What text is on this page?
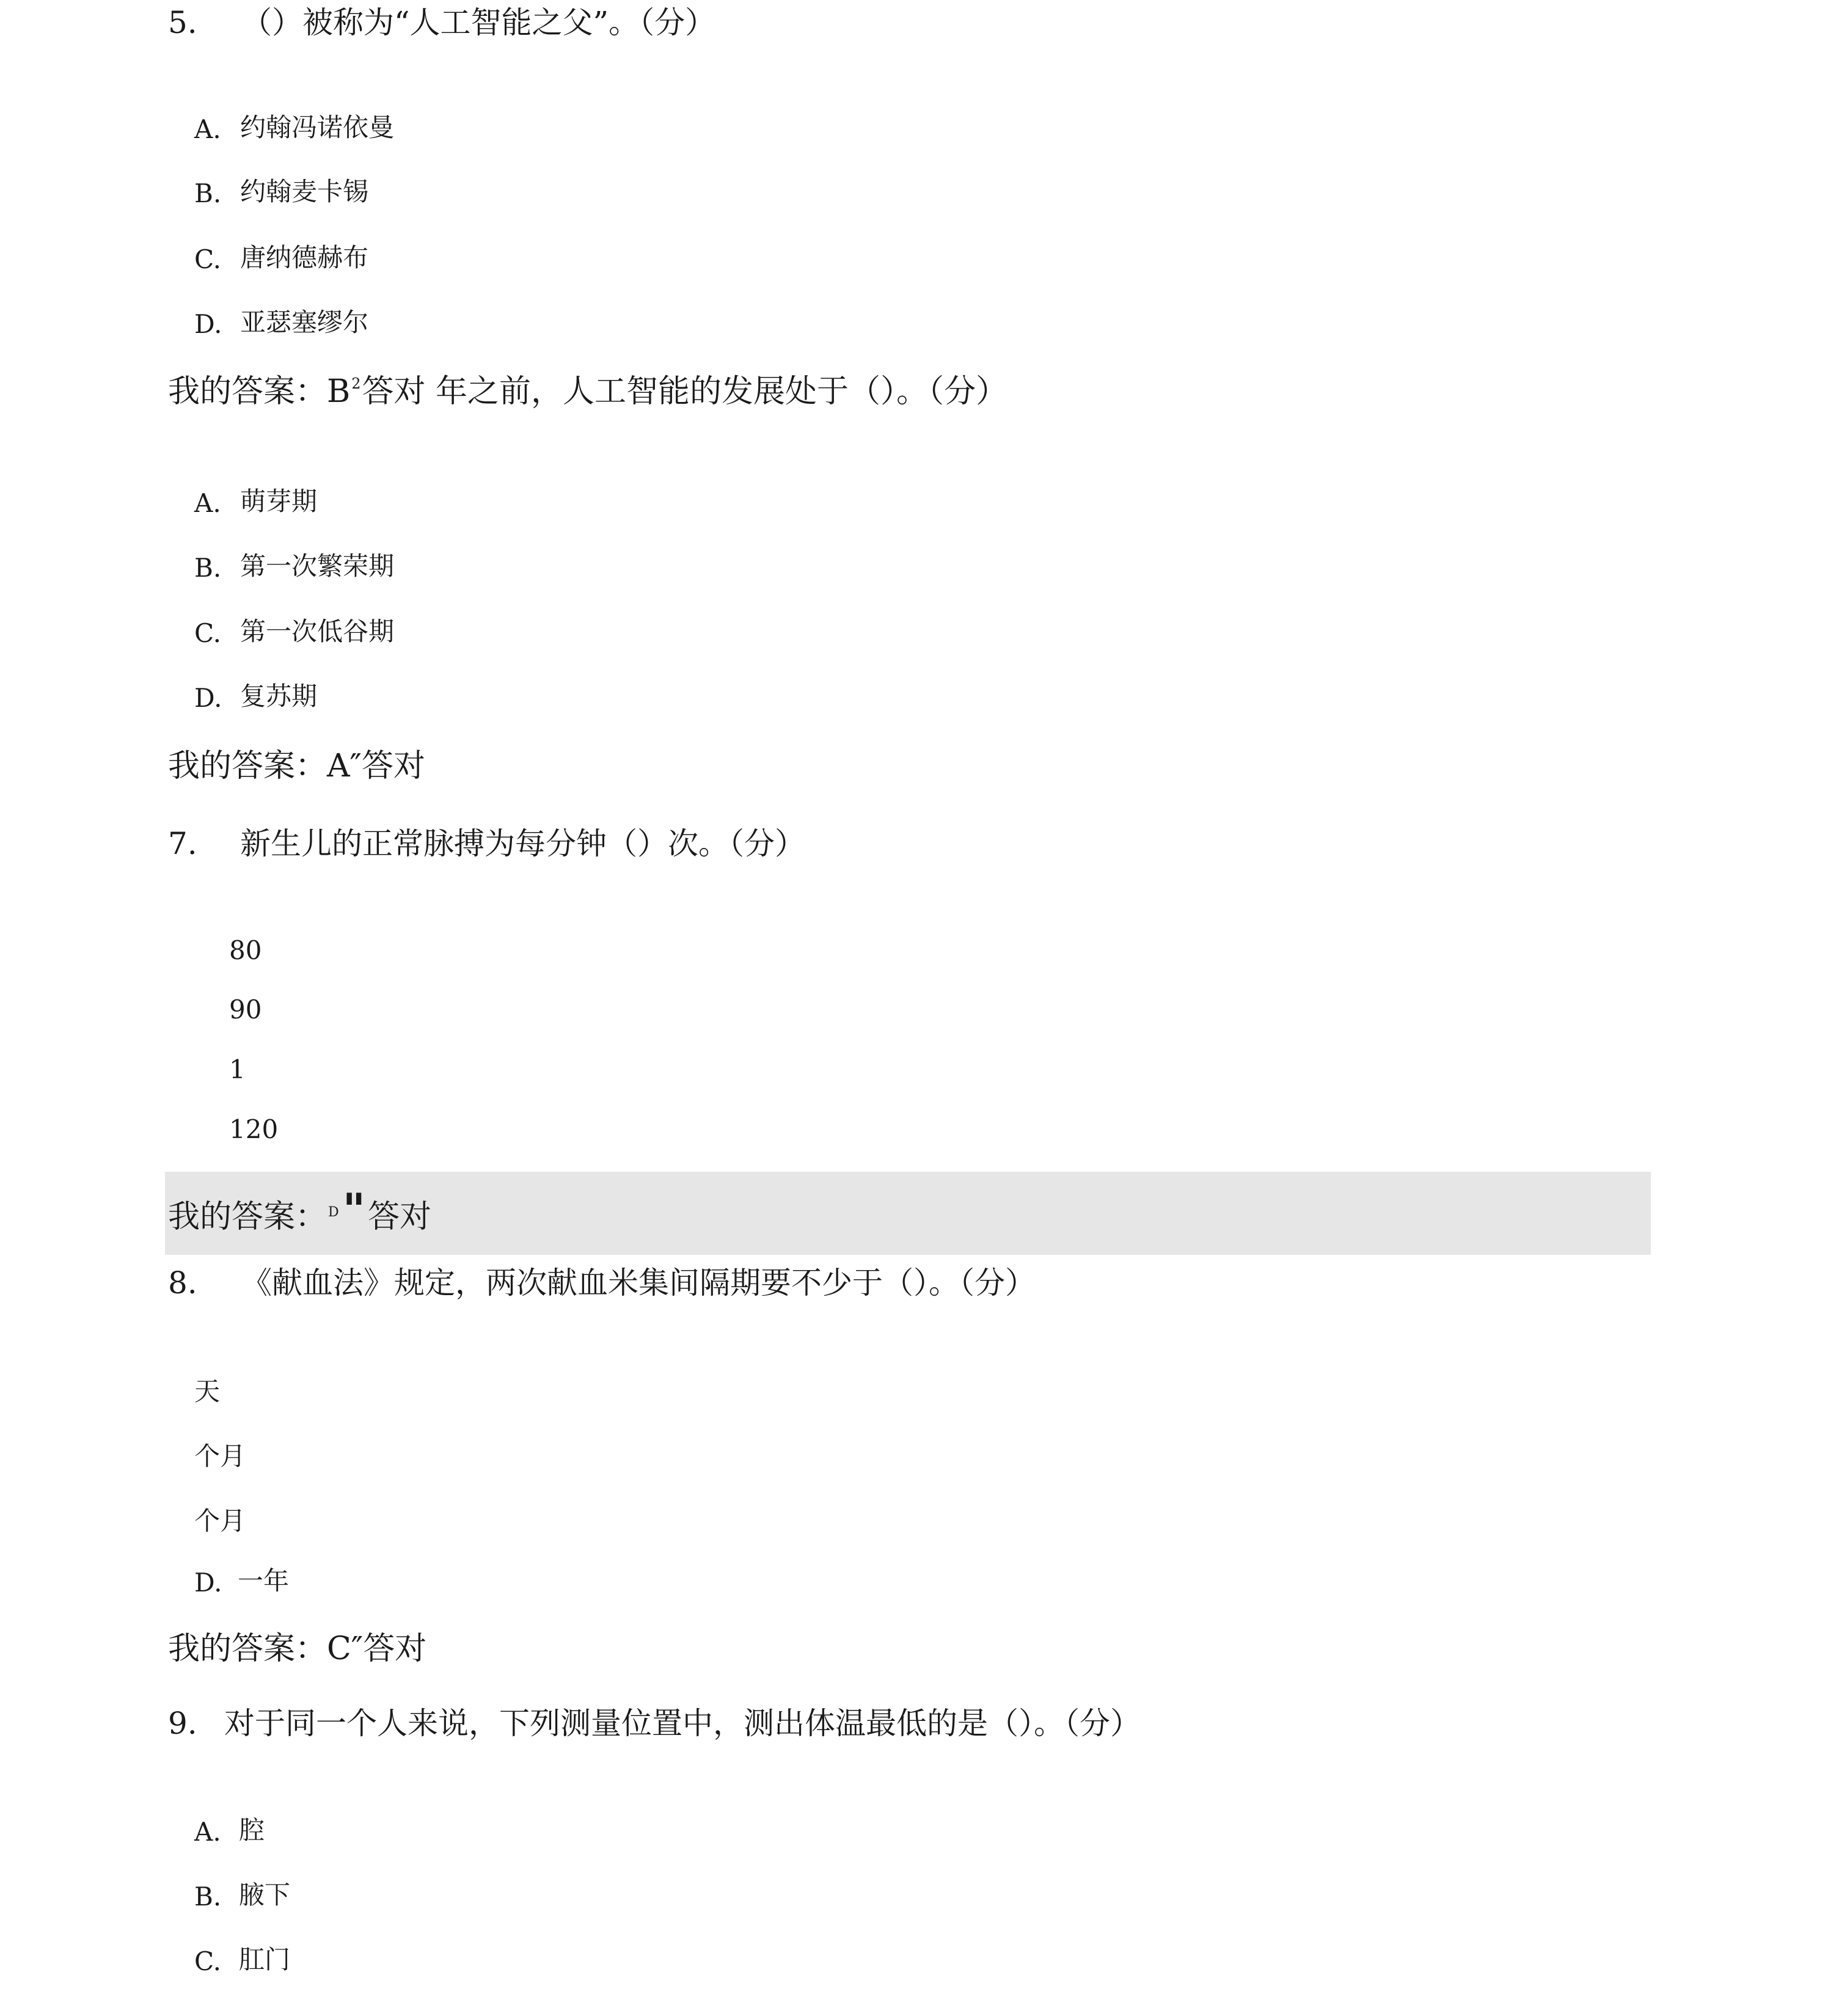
5. （）被称为“人工智能之父”。（分）
A. 约翰冯诺依曼
B. 约翰麦卡锡
C. 唐纳德赫布
D. 亚瑟塞缪尔
我的答案：$B^2$答对 年之前，人工智能的发展处于（）。（分）
A. 萌芽期
B. 第一次繁荣期
C. 第一次低谷期
D. 复苏期
我的答案：A″答对
7. 新生儿的正常脉搏为每分钟（）次。（分）
80
90
1
120
我的答案：$^D$"答对
8. 《献血法》规定，两次献血米集间隔期要不少于（）。（分）
天
个月
个月
D. 一年
我的答案：C″答对
9. 对于同一个人来说，下列测量位置中，测出体温最低的是（）。（分）
A. 腔
B. 腋下
C. 肛门
